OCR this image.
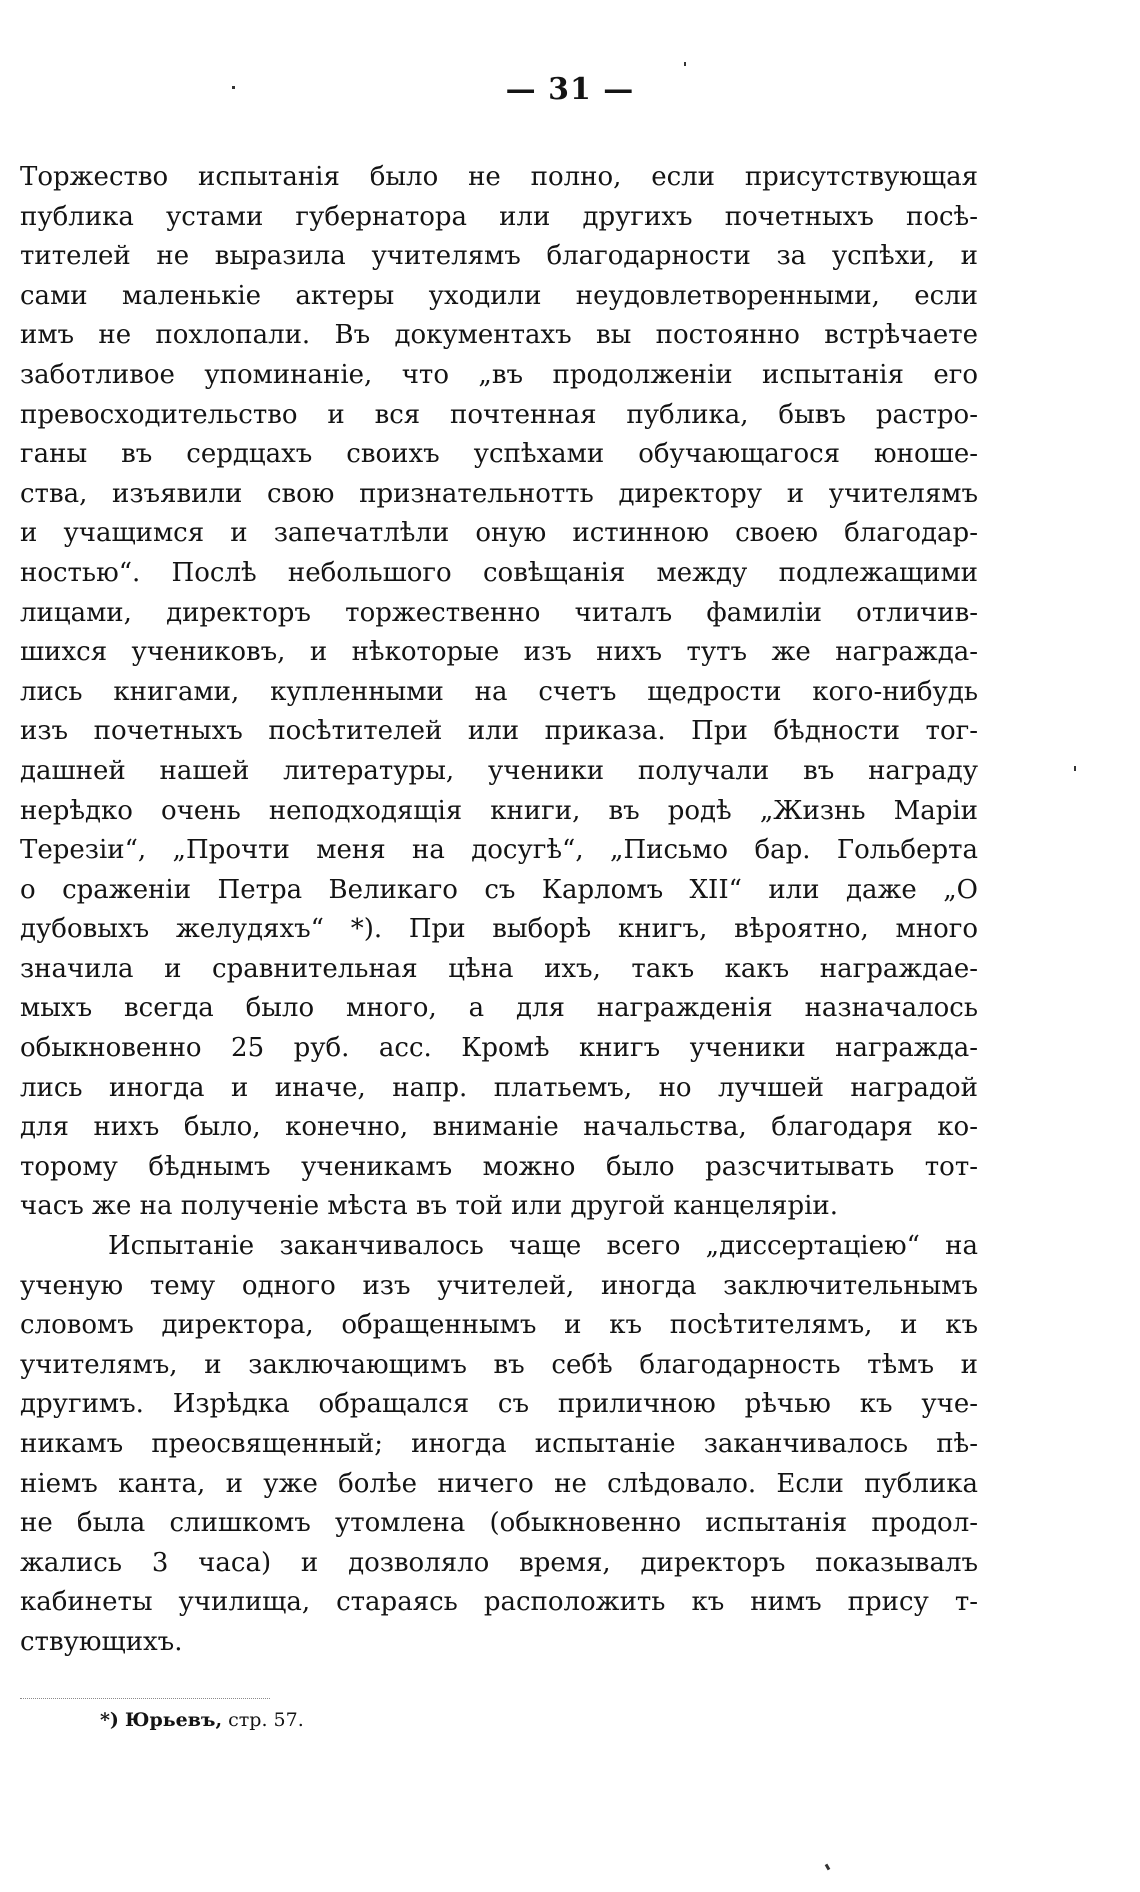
— 31 —

Торжество испытанія было не полно, если присутствующая
публика устами губернатора или другихъ почетныхъ посѣ-
тителей не выразила учителямъ благодарности за успѣхи, и
сами маленькіе актеры уходили неудовлетворенными, если
имъ не похлопали. Въ документахъ вы постоянно встрѣчаете
заботливое упоминаніе, что „въ продолженіи испытанія его
превосходительство и вся почтенная публика, бывъ растро-
ганы въ сердцахъ своихъ успѣхами обучающагося юноше-
ства, изъявили свою признательнотть директору и учителямъ
и учащимся и запечатлѣли оную истинною своею благодар-
ностью“. Послѣ небольшого совѣщанія между подлежащими
лицами, директоръ торжественно читалъ фамиліи отличив-
шихся учениковъ, и нѣкоторые изъ нихъ тутъ же награжда-
лись книгами, купленными на счетъ щедрости кого-нибудь
изъ почетныхъ посѣтителей или приказа. При бѣдности тог-
дашней нашей литературы, ученики получали въ награду
нерѣдко очень неподходящія книги, въ родѣ „Жизнь Маріи
Терезіи“, „Прочти меня на досугѣ“, „Письмо бар. Гольберта
о сраженіи Петра Великаго съ Карломъ XII“ или даже „О
дубовыхъ желудяхъ“ *). При выборѣ книгъ, вѣроятно, много
значила и сравнительная цѣна ихъ, такъ какъ награждае-
мыхъ всегда было много, а для награжденія назначалось
обыкновенно 25 руб. асс. Кромѣ книгъ ученики награжда-
лись иногда и иначе, напр. платьемъ, но лучшей наградой
для нихъ было, конечно, вниманіе начальства, благодаря ко-
торому бѣднымъ ученикамъ можно было разсчитывать тот-
часъ же на полученіе мѣста въ той или другой канцеляріи.
Испытаніе заканчивалось чаще всего „диссертаціею“ на
ученую тему одного изъ учителей, иногда заключительнымъ
словомъ директора, обращеннымъ и къ посѣтителямъ, и къ
учителямъ, и заключающимъ въ себѣ благодарность тѣмъ и
другимъ. Изрѣдка обращался съ приличною рѣчью къ уче-
никамъ преосвященный; иногда испытаніе заканчивалось пѣ-
ніемъ канта, и уже болѣе ничего не слѣдовало. Если публика
не была слишкомъ утомлена (обыкновенно испытанія продол-
жались 3 часа) и дозволяло время, директоръ показывалъ
кабинеты училища, стараясь расположить къ нимъ прису т-
ствующихъ.

*) Юрьевъ, стр. 57.
